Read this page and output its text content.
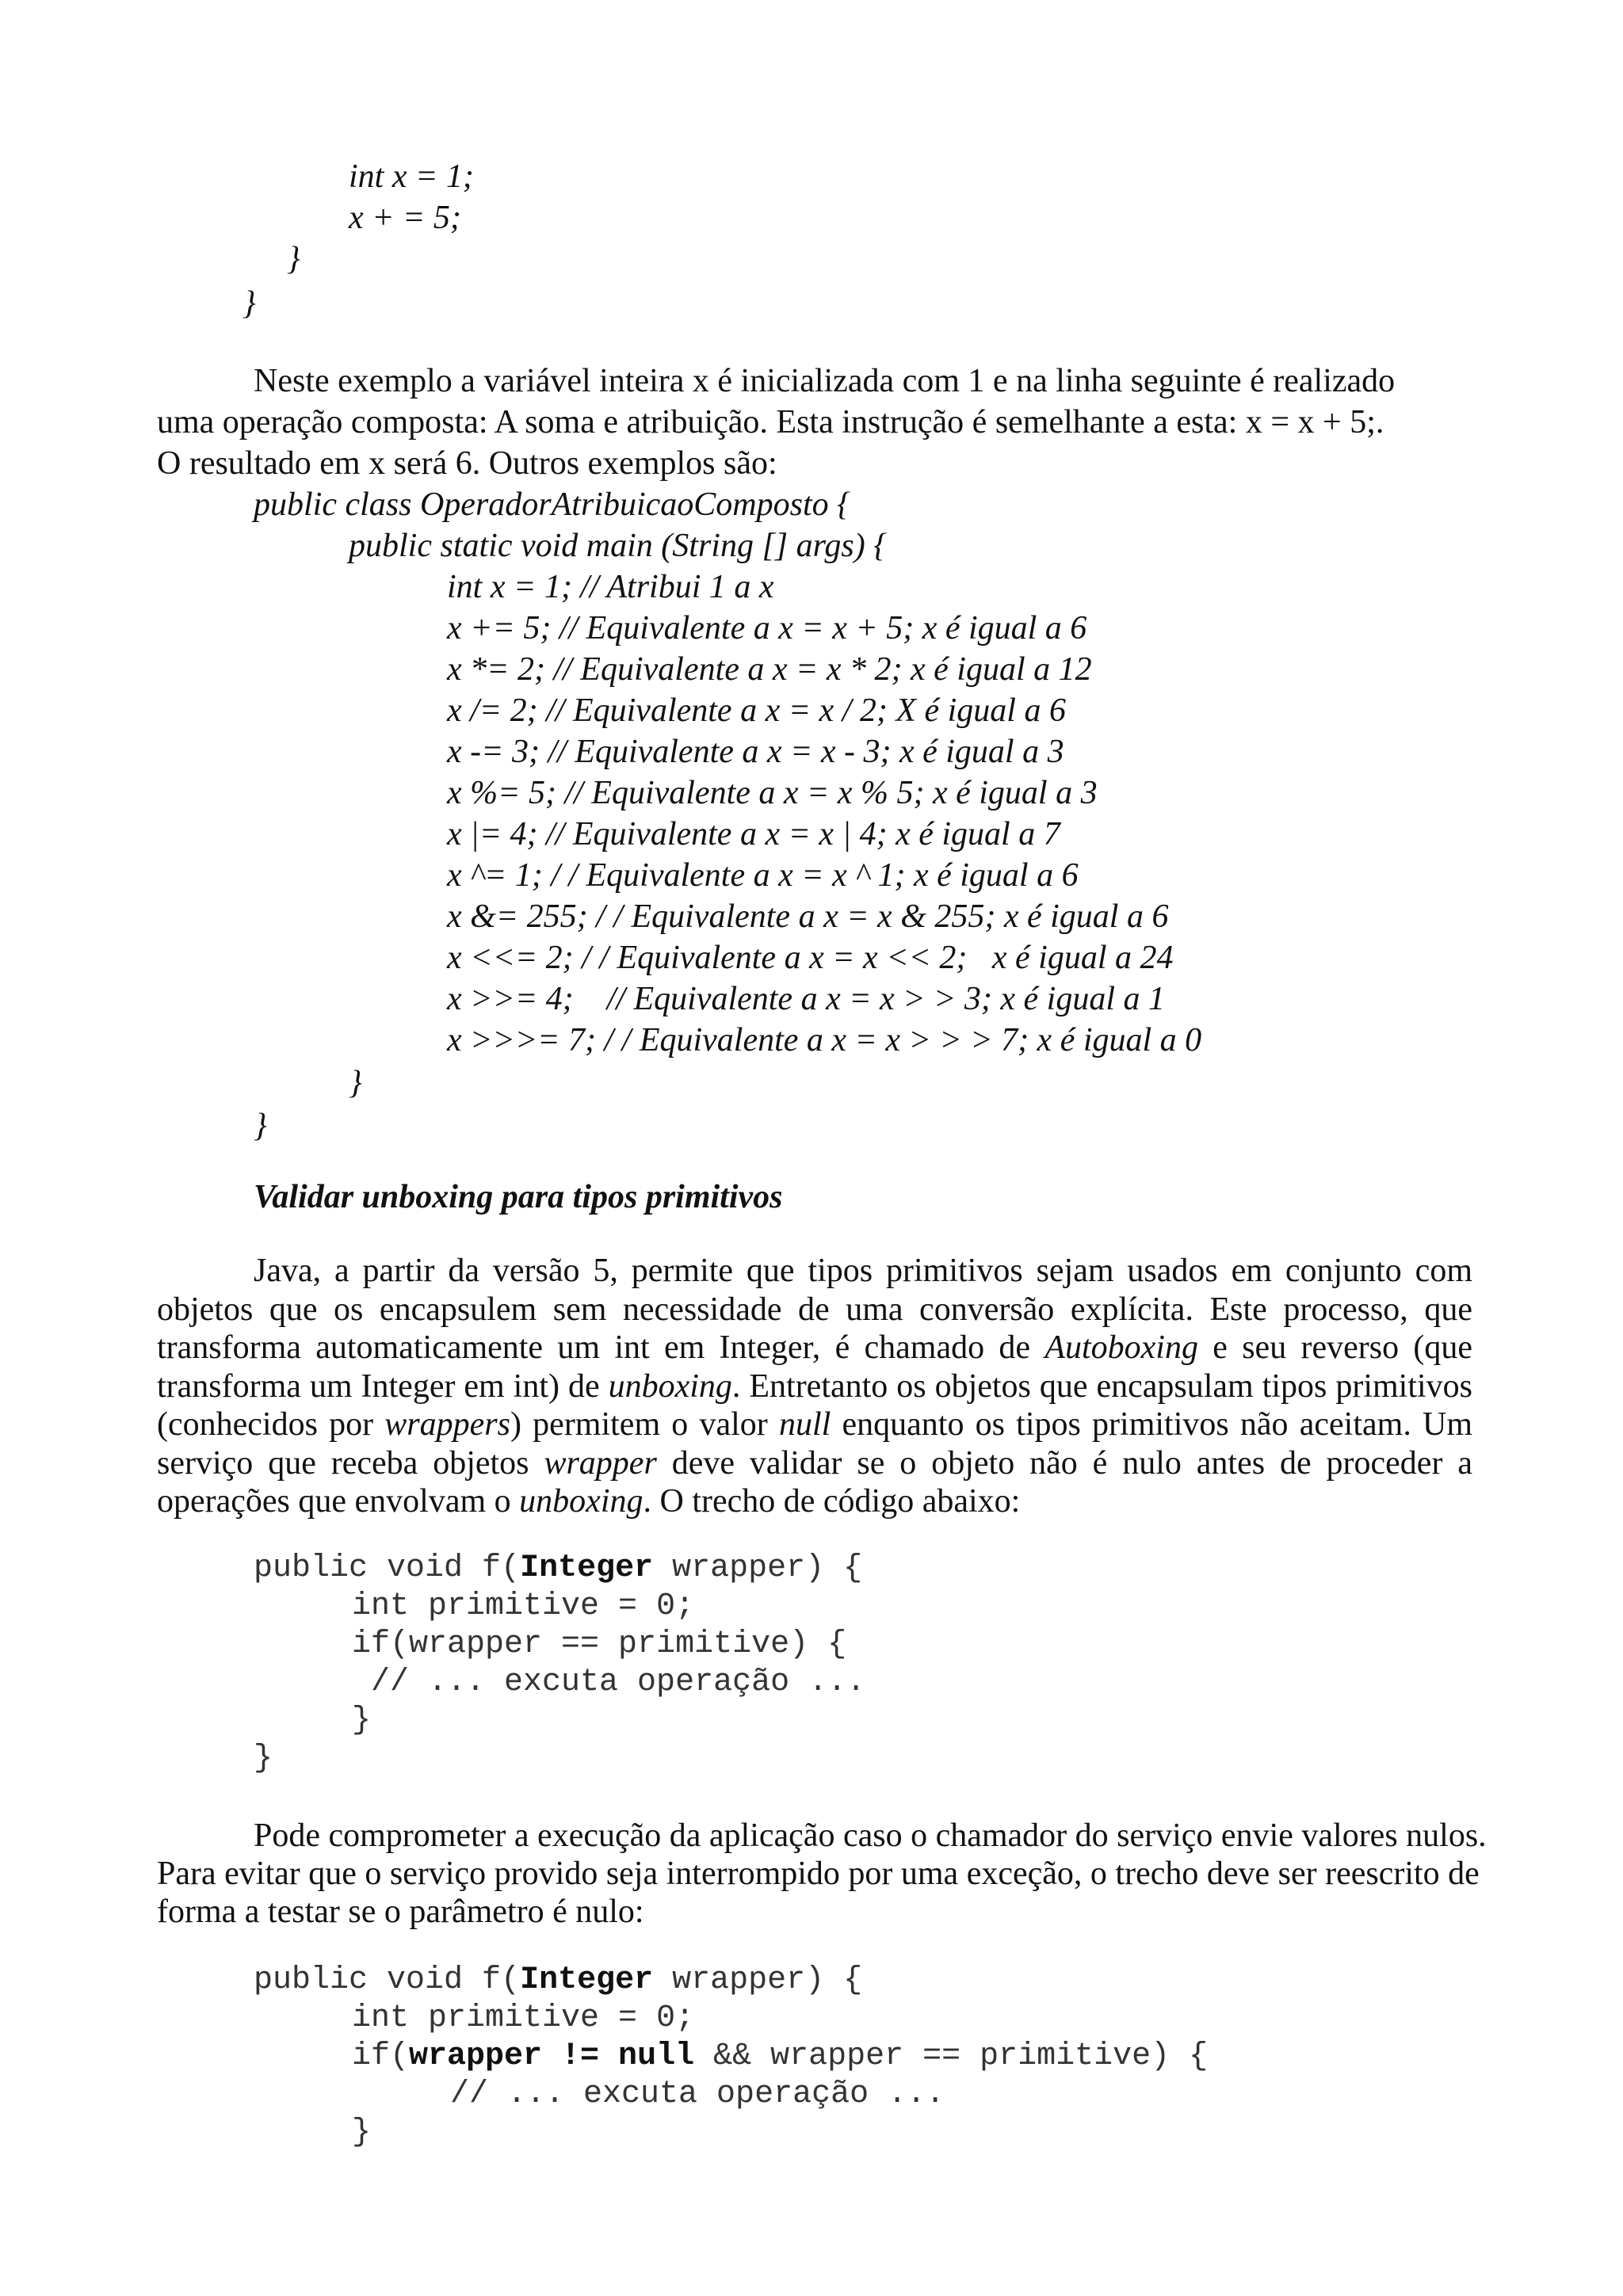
int x = 1;
x + = 5;
}
}
Neste exemplo a variável inteira x é inicializada com 1 e na linha seguinte é realizado
uma operação composta: A soma e atribuição. Esta instrução é semelhante a esta: x = x + 5;.
O resultado em x será 6. Outros exemplos são:
public class OperadorAtribuicaoComposto {
public static void main (String [] args) {
int x = 1; // Atribui 1 a x
x += 5; // Equivalente a x = x + 5; x é igual a 6
x *= 2; // Equivalente a x = x * 2; x é igual a 12
x /= 2; // Equivalente a x = x / 2; X é igual a 6
x -= 3; // Equivalente a x = x - 3; x é igual a 3
x %= 5; // Equivalente a x = x % 5; x é igual a 3
x |= 4; // Equivalente a x = x | 4; x é igual a 7
x ^= 1; / / Equivalente a x = x ^ 1; x é igual a 6
x &= 255; / / Equivalente a x = x & 255; x é igual a 6
x <<= 2; / / Equivalente a x = x << 2;   x é igual a 24
x >>= 4;    // Equivalente a x = x > > 3; x é igual a 1
x >>>= 7; / / Equivalente a x = x > > > 7; x é igual a 0
}
}
Validar unboxing para tipos primitivos
Java, a partir da versão 5, permite que tipos primitivos sejam usados em conjunto com
objetos que os encapsulem sem necessidade de uma conversão explícita. Este processo, que
transforma automaticamente um int em Integer, é chamado de Autoboxing e seu reverso (que
transforma um Integer em int) de unboxing. Entretanto os objetos que encapsulam tipos primitivos
(conhecidos por wrappers) permitem o valor null enquanto os tipos primitivos não aceitam. Um
serviço que receba objetos wrapper deve validar se o objeto não é nulo antes de proceder a
operações que envolvam o unboxing. O trecho de código abaixo:
public void f(Integer wrapper) {
int primitive = 0;
if(wrapper == primitive) {
// ... excuta operação ...
}
}
Pode comprometer a execução da aplicação caso o chamador do serviço envie valores nulos.
Para evitar que o serviço provido seja interrompido por uma exceção, o trecho deve ser reescrito de
forma a testar se o parâmetro é nulo:
public void f(Integer wrapper) {
int primitive = 0;
if(wrapper != null && wrapper == primitive) {
// ... excuta operação ...
}
